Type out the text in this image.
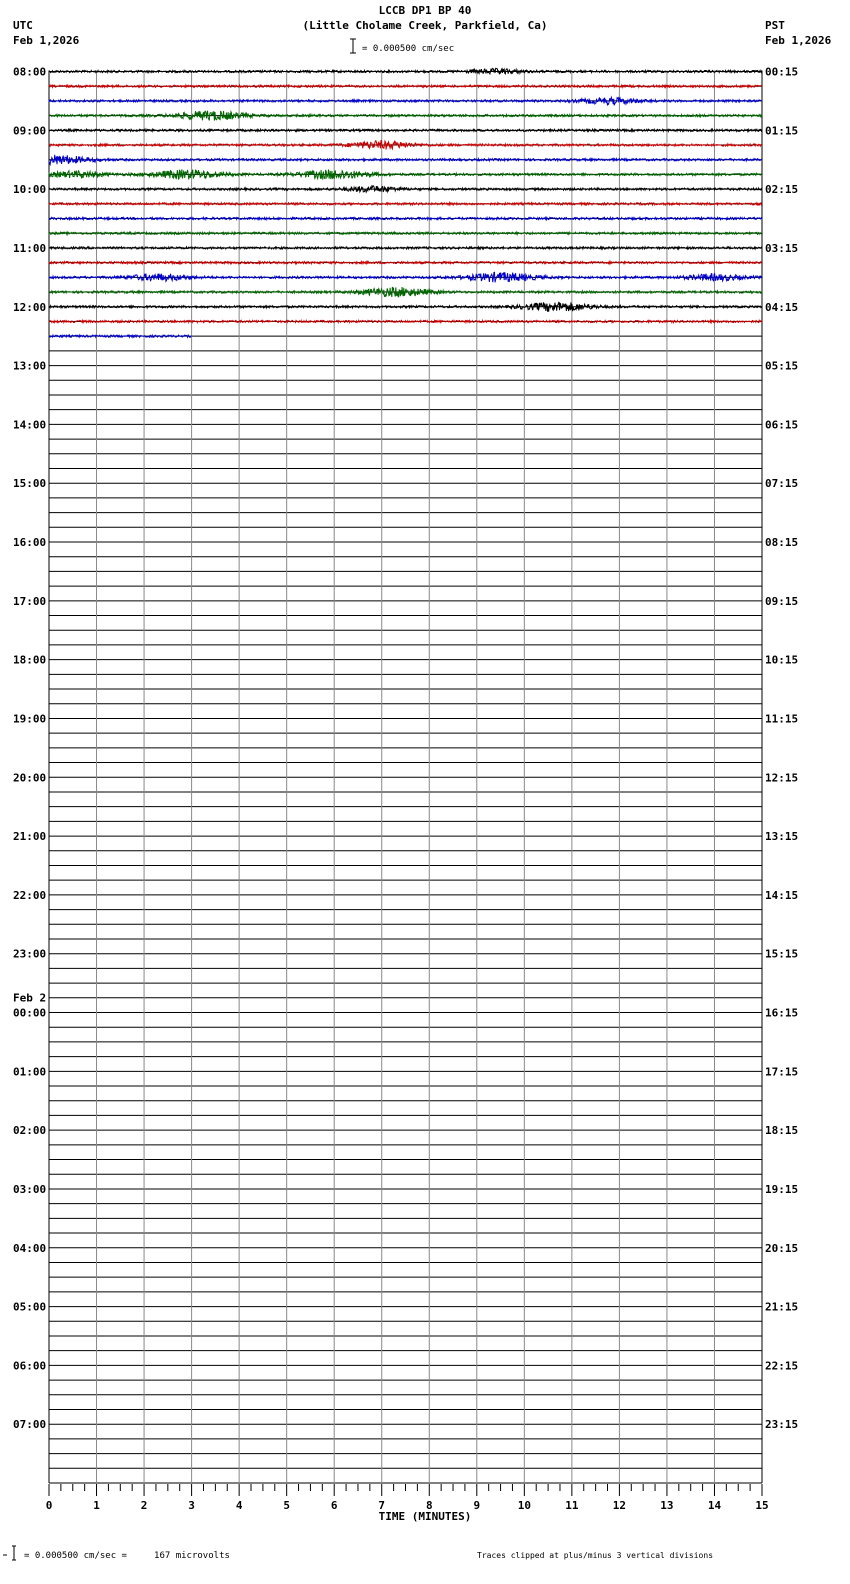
LCCB DP1 BP 40
(Little Cholame Creek, Parkfield, Ca)
UTC
Feb 1,2026
PST
Feb 1,2026
= 0.000500 cm/sec
08:00
09:00
10:00
11:00
12:00
13:00
14:00
15:00
16:00
17:00
18:00
19:00
20:00
21:00
22:00
23:00
00:00
01:00
02:00
03:00
04:00
05:00
06:00
07:00
00:15
01:15
02:15
03:15
04:15
05:15
06:15
07:15
08:15
09:15
10:15
11:15
12:15
13:15
14:15
15:15
16:15
17:15
18:15
19:15
20:15
21:15
22:15
23:15
Feb 2
0	1	2	3	4	5	6	7	8	9	10	11	12	13	14	15
TIME (MINUTES)
= 0.000500 cm/sec =     167 microvolts	Traces clipped at plus/minus 3 vertical divisions
